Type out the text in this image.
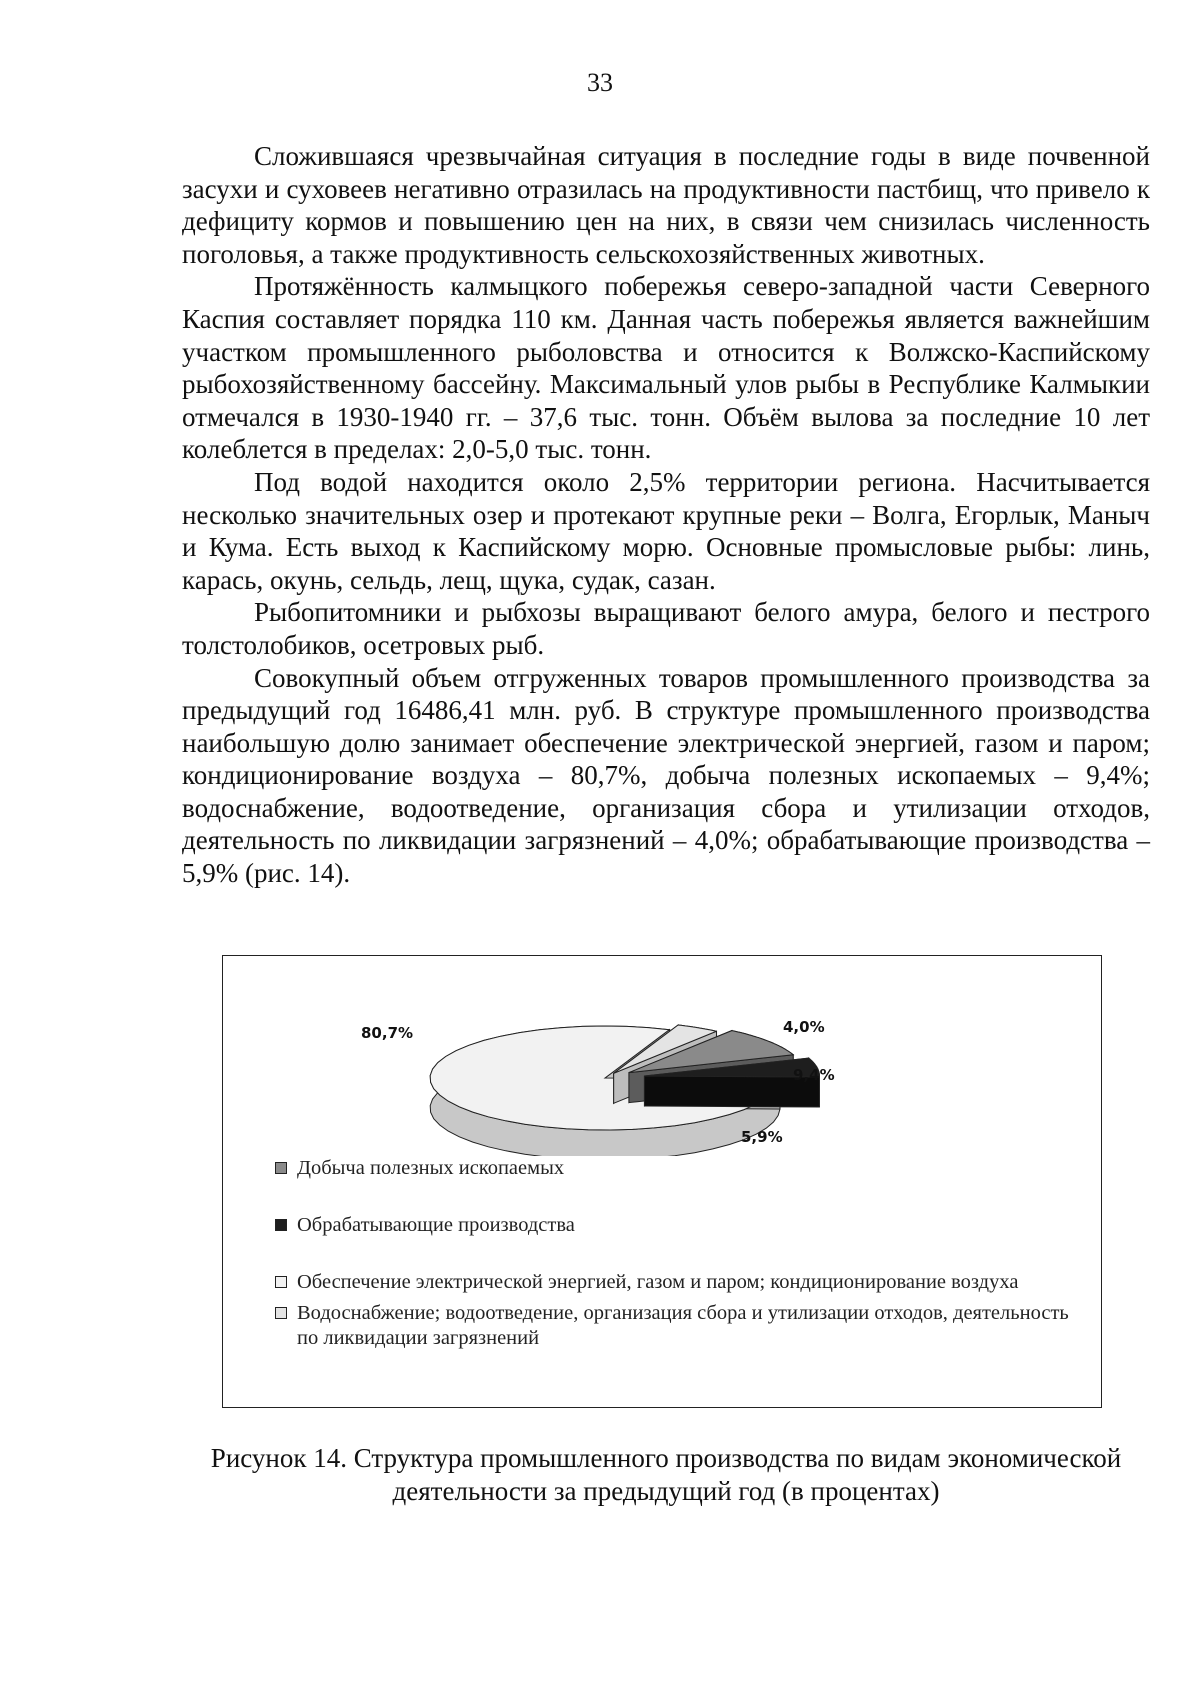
33

Сложившаяся чрезвычайная ситуация в последние годы в виде почвенной засухи и суховеев негативно отразилась на продуктивности пастбищ, что привело к дефициту кормов и повышению цен на них, в связи чем снизилась численность поголовья, а также продуктивность сельскохозяйственных животных.

Протяжённость калмыцкого побережья северо-западной части Северного Каспия составляет порядка 110 км. Данная часть побережья является важнейшим участком промышленного рыболовства и относится к Волжско-Каспийскому рыбохозяйственному бассейну. Максимальный улов рыбы в Республике Калмыкии отмечался в 1930-1940 гг. – 37,6 тыс. тонн. Объём вылова за последние 10 лет колеблется в пределах: 2,0-5,0 тыс. тонн.

Под водой находится около 2,5% территории региона. Насчитывается несколько значительных озер и протекают крупные реки – Волга, Егорлык, Маныч и Кума. Есть выход к Каспийскому морю. Основные промысловые рыбы: линь, карась, окунь, сельдь, лещ, щука, судак, сазан.

Рыбопитомники и рыбхозы выращивают белого амура, белого и пестрого толстолобиков, осетровых рыб.

Совокупный объем отгруженных товаров промышленного производства за предыдущий год 16486,41 млн. руб. В структуре промышленного производства наибольшую долю занимает обеспечение электрической энергией, газом и паром; кондиционирование воздуха – 80,7%, добыча полезных ископаемых – 9,4%; водоснабжение, водоотведение, организация сбора и утилизации отходов, деятельность по ликвидации загрязнений – 4,0%; обрабатывающие производства – 5,9% (рис. 14).

80,7%	4,0%
9,4%
5,9%
Добыча полезных ископаемых
Обрабатывающие производства
Обеспечение электрической энергией, газом и паром; кондиционирование воздуха
Водоснабжение; водоотведение, организация сбора и утилизации отходов, деятельность по ликвидации загрязнений
Рисунок 14. Структура промышленного производства по видам экономической деятельности за предыдущий год (в процентах)
